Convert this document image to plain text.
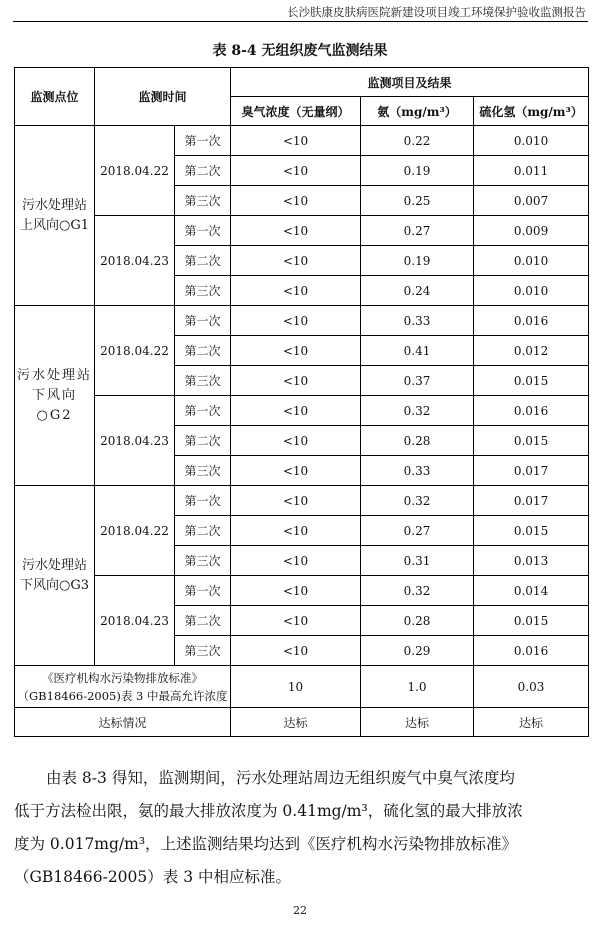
长沙肤康皮肤病医院新建设项目竣工环境保护验收监测报告
表 8-4 无组织废气监测结果
监测点位	监测时间		监测项目及结果		
			臭气浓度（无量纲）	氨（mg/m³）	硫化氢（mg/m³）
污水处理站
上风向○G1	2018.04.22	第一次	<10	0.22	0.010
		第二次	<10	0.19	0.011
		第三次	<10	0.25	0.007
	2018.04.23	第一次	<10	0.27	0.009
		第二次	<10	0.19	0.010
		第三次	<10	0.24	0.010
污水处理站
下风向○G2	2018.04.22	第一次	<10	0.33	0.016
		第二次	<10	0.41	0.012
		第三次	<10	0.37	0.015
	2018.04.23	第一次	<10	0.32	0.016
		第二次	<10	0.28	0.015
		第三次	<10	0.33	0.017
污水处理站
下风向○G3	2018.04.22	第一次	<10	0.32	0.017
		第二次	<10	0.27	0.015
		第三次	<10	0.31	0.013
	2018.04.23	第一次	<10	0.32	0.014
		第二次	<10	0.28	0.015
		第三次	<10	0.29	0.016
《医疗机构水污染物排放标准》
（GB18466-2005)表 3 中最高允许浓度			10	1.0	0.03
达标情况			达标	达标	达标
由表 8-3 得知，监测期间，污水处理站周边无组织废气中臭气浓度均
低于方法检出限，氨的最大排放浓度为 0.41mg/m³，硫化氢的最大排放浓
度为 0.017mg/m³，上述监测结果均达到《医疗机构水污染物排放标准》
（GB18466-2005）表 3 中相应标准。
22
